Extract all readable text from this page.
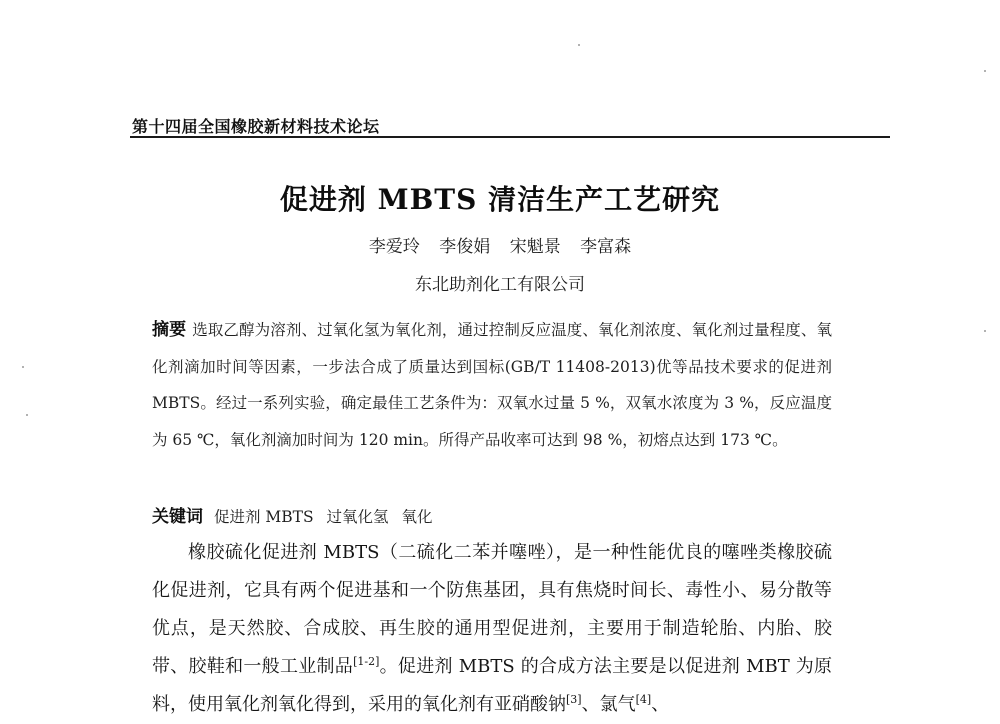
第十四届全国橡胶新材料技术论坛
促进剂 MBTS 清洁生产工艺研究
李爱玲 李俊娟 宋魁景 李富森
东北助剂化工有限公司
摘要 选取乙醇为溶剂、过氧化氢为氧化剂，通过控制反应温度、氧化剂浓度、氧化剂过量程度、氧化剂滴加时间等因素，一步法合成了质量达到国标(GB/T 11408-2013)优等品技术要求的促进剂 MBTS。经过一系列实验，确定最佳工艺条件为：双氧水过量 5 %，双氧水浓度为 3 %，反应温度为 65 ℃，氧化剂滴加时间为 120 min。所得产品收率可达到 98 %，初熔点达到 173 ℃。
关键词 促进剂 MBTS 过氧化氢 氧化
橡胶硫化促进剂 MBTS（二硫化二苯并噻唑），是一种性能优良的噻唑类橡胶硫化促进剂，它具有两个促进基和一个防焦基团，具有焦烧时间长、毒性小、易分散等优点，是天然胶、合成胶、再生胶的通用型促进剂，主要用于制造轮胎、内胎、胶带、胶鞋和一般工业制品[1-2]。促进剂 MBTS 的合成方法主要是以促进剂 MBT 为原料，使用氧化剂氧化得到，采用的氧化剂有亚硝酸钠[3]、氯气[4]、
